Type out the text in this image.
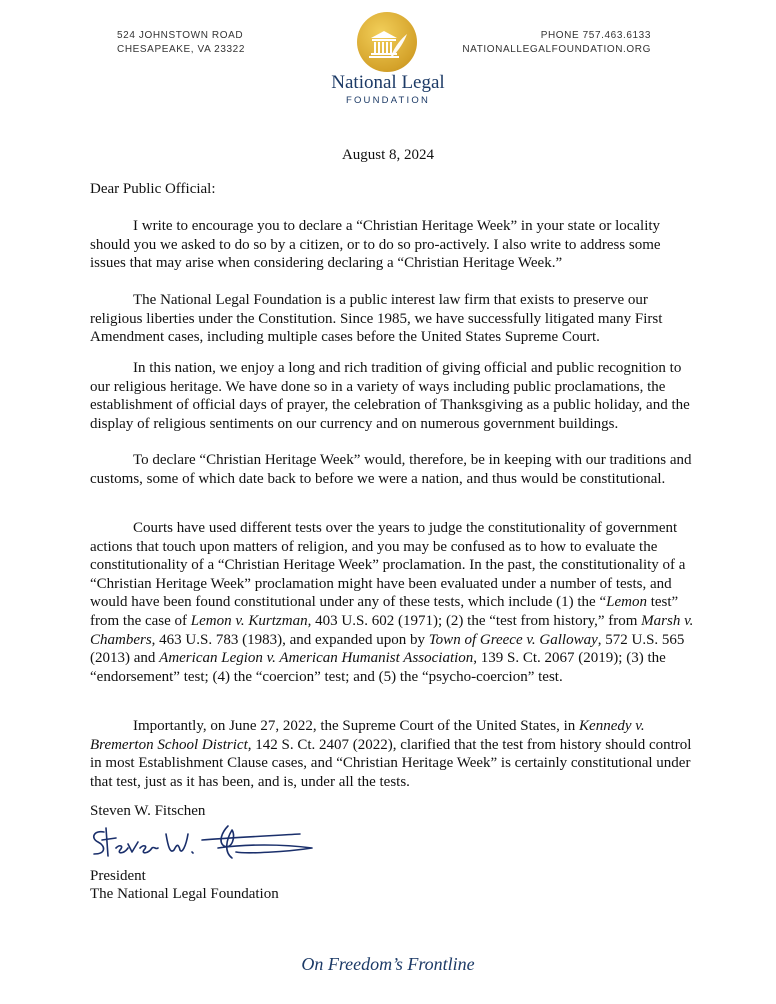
524 JOHNSTOWN ROAD
CHESAPEAKE, VA 23322
National Legal
FOUNDATION
PHONE 757.463.6133
NATIONALLEGALFOUNDATION.ORG
August 8, 2024
Dear Public Official:

I write to encourage you to declare a “Christian Heritage Week” in your state or locality should you we asked to do so by a citizen, or to do so pro-actively. I also write to address some issues that may arise when considering declaring a “Christian Heritage Week.”

The National Legal Foundation is a public interest law firm that exists to preserve our religious liberties under the Constitution. Since 1985, we have successfully litigated many First Amendment cases, including multiple cases before the United States Supreme Court.

In this nation, we enjoy a long and rich tradition of giving official and public recognition to our religious heritage. We have done so in a variety of ways including public proclamations, the establishment of official days of prayer, the celebration of Thanksgiving as a public holiday, and the display of religious sentiments on our currency and on numerous government buildings.

To declare “Christian Heritage Week” would, therefore, be in keeping with our traditions and customs, some of which date back to before we were a nation, and thus would be constitutional.

Courts have used different tests over the years to judge the constitutionality of government actions that touch upon matters of religion, and you may be confused as to how to evaluate the constitutionality of a “Christian Heritage Week” proclamation. In the past, the constitutionality of a “Christian Heritage Week” proclamation might have been evaluated under a number of tests, and would have been found constitutional under any of these tests, which include (1) the “Lemon test” from the case of Lemon v. Kurtzman, 403 U.S. 602 (1971); (2) the “test from history,” from Marsh v. Chambers, 463 U.S. 783 (1983), and expanded upon by Town of Greece v. Galloway, 572 U.S. 565 (2013) and American Legion v. American Humanist Association, 139 S. Ct. 2067 (2019); (3) the “endorsement” test; (4) the “coercion” test; and (5) the “psycho-coercion” test.

Importantly, on June 27, 2022, the Supreme Court of the United States, in Kennedy v. Bremerton School District, 142 S. Ct. 2407 (2022), clarified that the test from history should control in most Establishment Clause cases, and “Christian Heritage Week” is certainly constitutional under that test, just as it has been, and is, under all the tests.

Steven W. Fitschen
President
The National Legal Foundation
On Freedom’s Frontline
